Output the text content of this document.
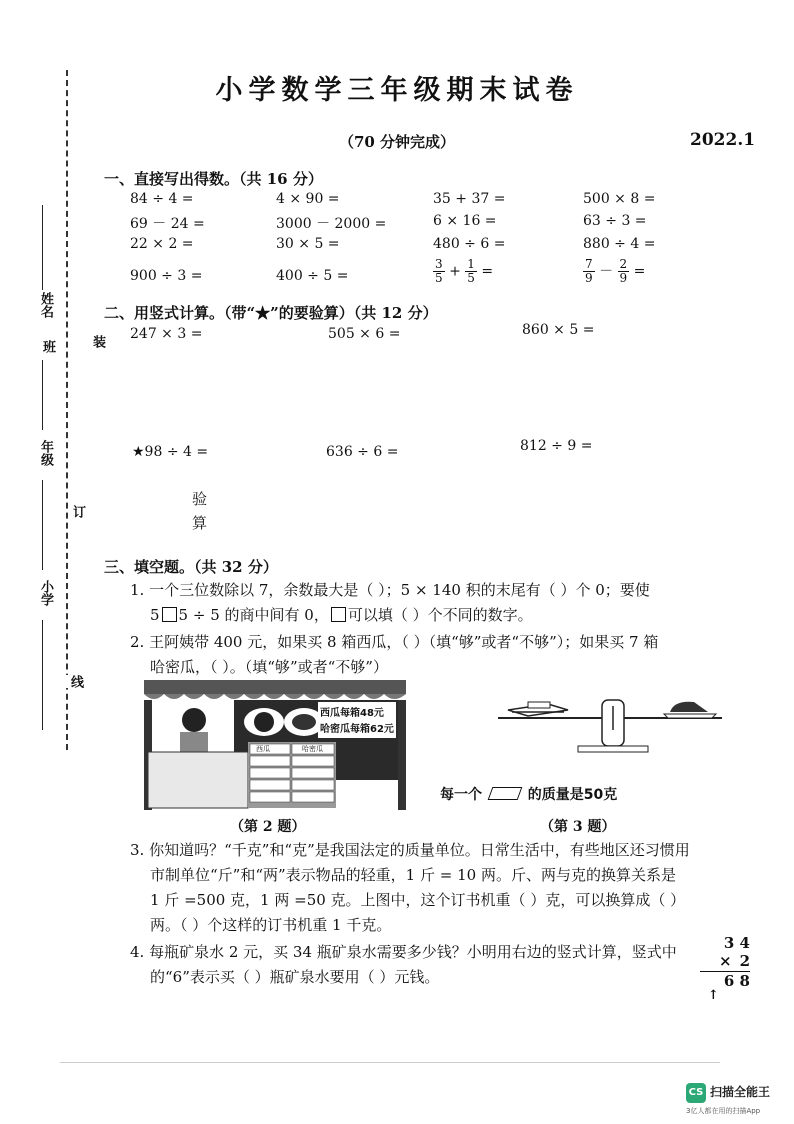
装
订
线
姓名
班
年级
小学
小学数学三年级期末试卷
（70 分钟完成）	2022.1
一、直接写出得数。（共 16 分）
84 ÷ 4 =	4 × 90 =	35 + 37 =	500 × 8 =
69 － 24 =	3000 － 2000 =	6 × 16 =	63 ÷ 3 =
22 × 2 =	30 × 5 =	480 ÷ 6 =	880 ÷ 4 =
900 ÷ 3 =	400 ÷ 5 =	$\frac{3}{5} + \frac{1}{5}$ =	$\frac{7}{9} - \frac{2}{9}$ =
二、用竖式计算。（带“★”的要验算）（共 12 分）
247 × 3 =	505 × 6 =	860 × 5 =
★98 ÷ 4 =	636 ÷ 6 =	812 ÷ 9 =
验
算
三、填空题。（共 32 分）
1. 一个三位数除以 7，余数最大是（ ）；5 × 140 积的末尾有（ ）个 0；要使
5 5 ÷ 5 的商中间有 0， 可以填（ ）个不同的数字。
2. 王阿姨带 400 元，如果买 8 箱西瓜，（ ）（填“够”或者“不够”）；如果买 7 箱
哈密瓜，（ ）。（填“够”或者“不够”）
西瓜每箱48元
哈密瓜每箱62元
西瓜	哈密瓜
（第 2 题）
每一个	的质量是50克
（第 3 题）
3. 你知道吗？“千克”和“克”是我国法定的质量单位。日常生活中，有些地区还习惯用
市制单位“斤”和“两”表示物品的轻重，1 斤 = 10 两。斤、两与克的换算关系是
1 斤 =500 克，1 两 =50 克。上图中，这个订书机重（ ）克，可以换算成（ ）
两。（ ）个这样的订书机重 1 千克。
4. 每瓶矿泉水 2 元，买 34 瓶矿泉水需要多少钱？小明用右边的竖式计算，竖式中
的“6”表示买（ ）瓶矿泉水要用（ ）元钱。
3 4
× 2
6 8
↑
CS 扫描全能王
3亿人都在用的扫描App
